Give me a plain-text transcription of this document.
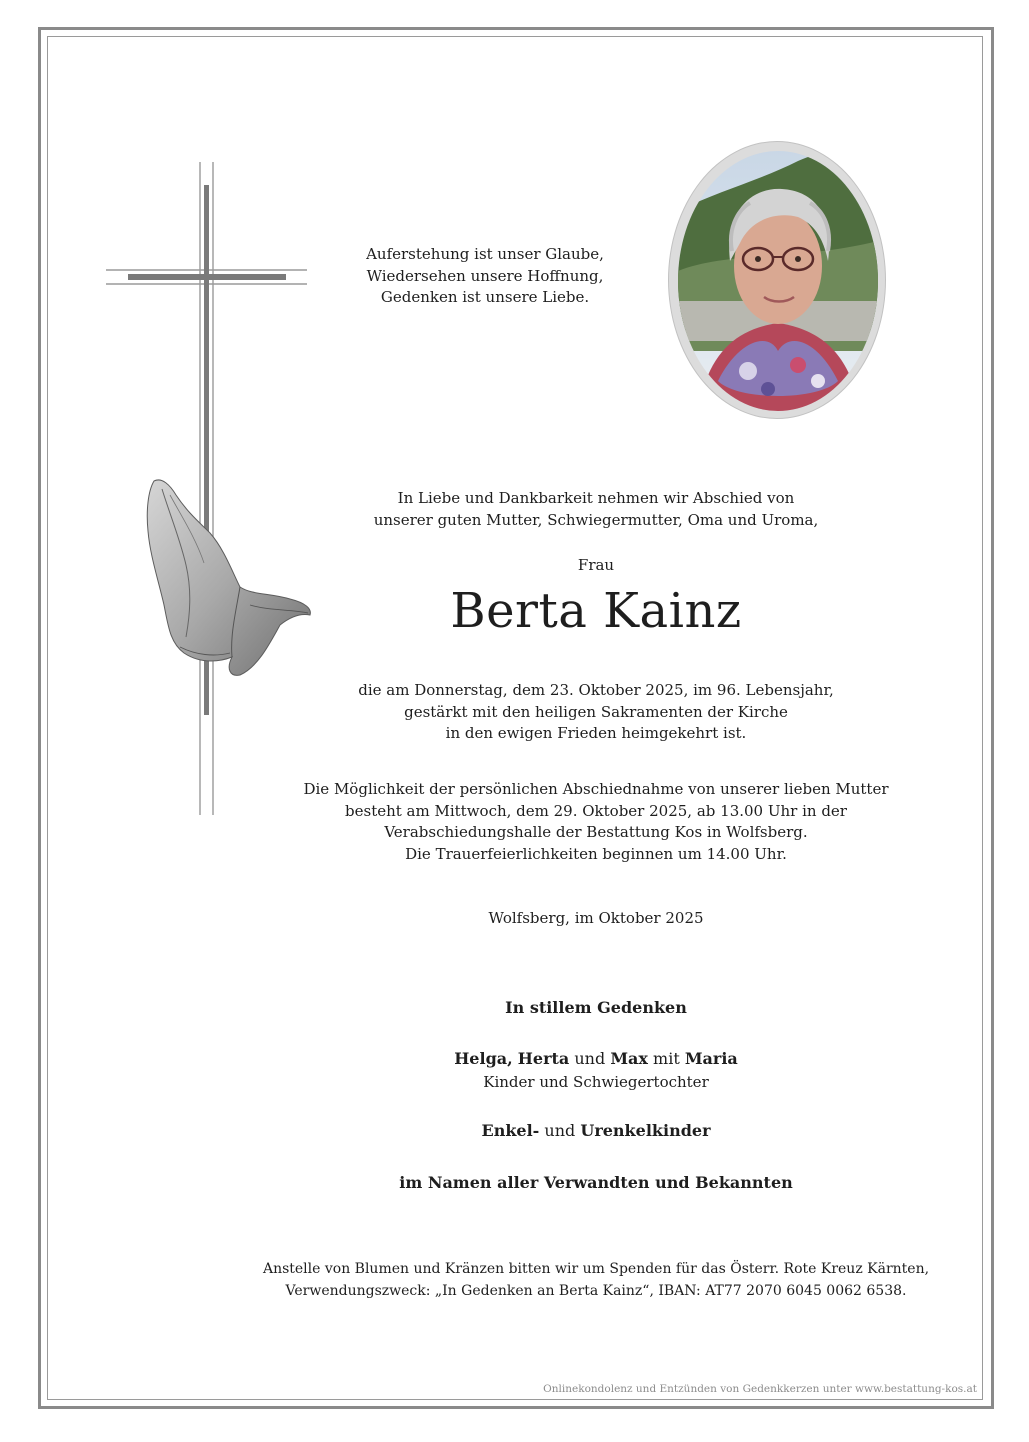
Auferstehung ist unser Glaube,
Wiedersehen unsere Hoffnung,
Gedenken ist unsere Liebe.
In Liebe und Dankbarkeit nehmen wir Abschied von
unserer guten Mutter, Schwiegermutter, Oma und Uroma,
Frau
Berta Kainz
die am Donnerstag, dem 23. Oktober 2025, im 96. Lebensjahr,
gestärkt mit den heiligen Sakramenten der Kirche
in den ewigen Frieden heimgekehrt ist.
Die Möglichkeit der persönlichen Abschiednahme von unserer lieben Mutter
besteht am Mittwoch, dem 29. Oktober 2025, ab 13.00 Uhr in der
Verabschiedungshalle der Bestattung Kos in Wolfsberg.
Die Trauerfeierlichkeiten beginnen um 14.00 Uhr.
Wolfsberg, im Oktober 2025
In stillem Gedenken
Helga, Herta und Max mit Maria
Kinder und Schwiegertochter
Enkel- und Urenkelkinder
im Namen aller Verwandten und Bekannten
Anstelle von Blumen und Kränzen bitten wir um Spenden für das Österr. Rote Kreuz Kärnten,
Verwendungszweck: „In Gedenken an Berta Kainz“, IBAN: AT77 2070 6045 0062 6538.
Onlinekondolenz und Entzünden von Gedenkkerzen unter www.bestattung-kos.at
